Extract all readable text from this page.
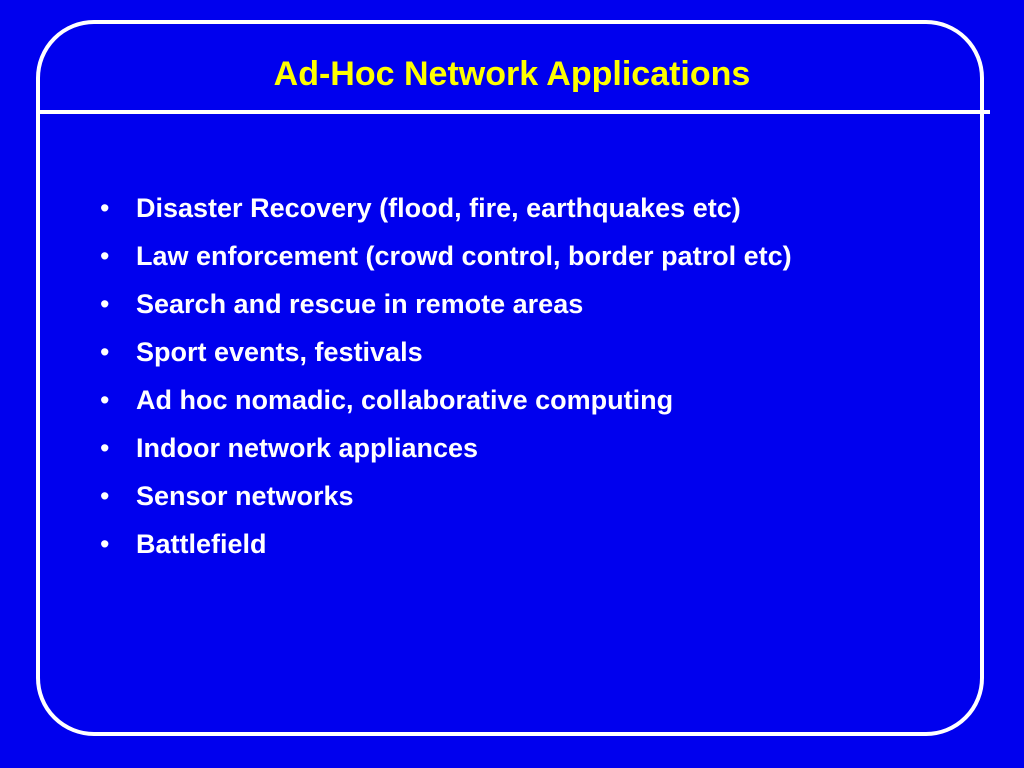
Ad-Hoc Network Applications
• Disaster Recovery (flood, fire, earthquakes etc)
• Law enforcement (crowd control, border patrol etc)
• Search and rescue in remote areas
• Sport events, festivals
• Ad hoc nomadic, collaborative computing
• Indoor network appliances
• Sensor networks
• Battlefield
